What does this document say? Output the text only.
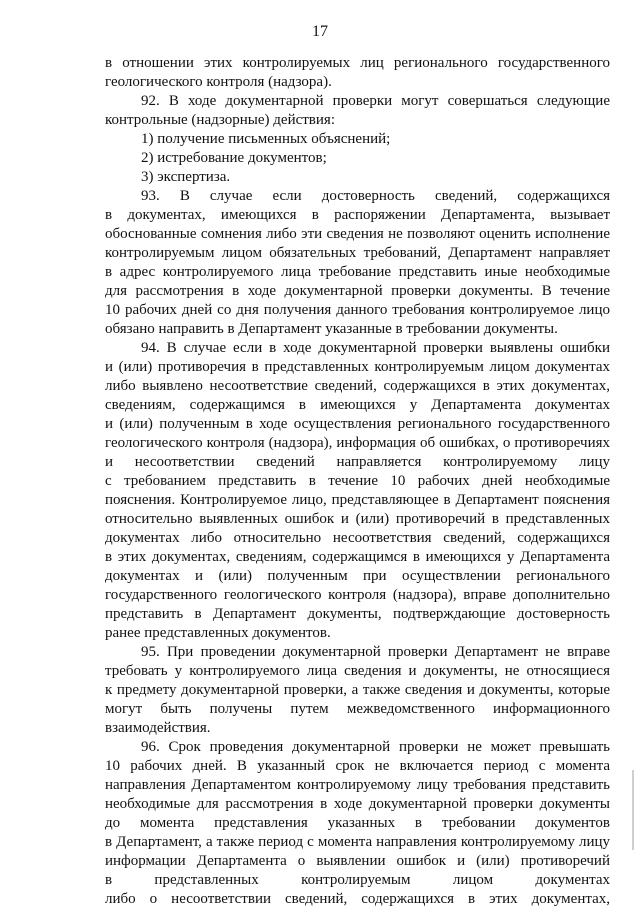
17
в отношении этих контролируемых лиц регионального государственного
геологического контроля (надзора).
92. В ходе документарной проверки могут совершаться следующие
контрольные (надзорные) действия:
1) получение письменных объяснений;
2) истребование документов;
3) экспертиза.
93. В случае если достоверность сведений, содержащихся
в документах, имеющихся в распоряжении Департамента, вызывает
обоснованные сомнения либо эти сведения не позволяют оценить исполнение
контролируемым лицом обязательных требований, Департамент направляет
в адрес контролируемого лица требование представить иные необходимые
для рассмотрения в ходе документарной проверки документы. В течение
10 рабочих дней со дня получения данного требования контролируемое лицо
обязано направить в Департамент указанные в требовании документы.
94. В случае если в ходе документарной проверки выявлены ошибки
и (или) противоречия в представленных контролируемым лицом документах
либо выявлено несоответствие сведений, содержащихся в этих документах,
сведениям, содержащимся в имеющихся у Департамента документах
и (или) полученным в ходе осуществления регионального государственного
геологического контроля (надзора), информация об ошибках, о противоречиях
и несоответствии сведений направляется контролируемому лицу
с требованием представить в течение 10 рабочих дней необходимые
пояснения. Контролируемое лицо, представляющее в Департамент пояснения
относительно выявленных ошибок и (или) противоречий в представленных
документах либо относительно несоответствия сведений, содержащихся
в этих документах, сведениям, содержащимся в имеющихся у Департамента
документах и (или) полученным при осуществлении регионального
государственного геологического контроля (надзора), вправе дополнительно
представить в Департамент документы, подтверждающие достоверность
ранее представленных документов.
95. При проведении документарной проверки Департамент не вправе
требовать у контролируемого лица сведения и документы, не относящиеся
к предмету документарной проверки, а также сведения и документы, которые
могут быть получены путем межведомственного информационного
взаимодействия.
96. Срок проведения документарной проверки не может превышать
10 рабочих дней. В указанный срок не включается период с момента
направления Департаментом контролируемому лицу требования представить
необходимые для рассмотрения в ходе документарной проверки документы
до момента представления указанных в требовании документов
в Департамент, а также период с момента направления контролируемому лицу
информации Департамента о выявлении ошибок и (или) противоречий
в представленных контролируемым лицом документах
либо о несоответствии сведений, содержащихся в этих документах,
